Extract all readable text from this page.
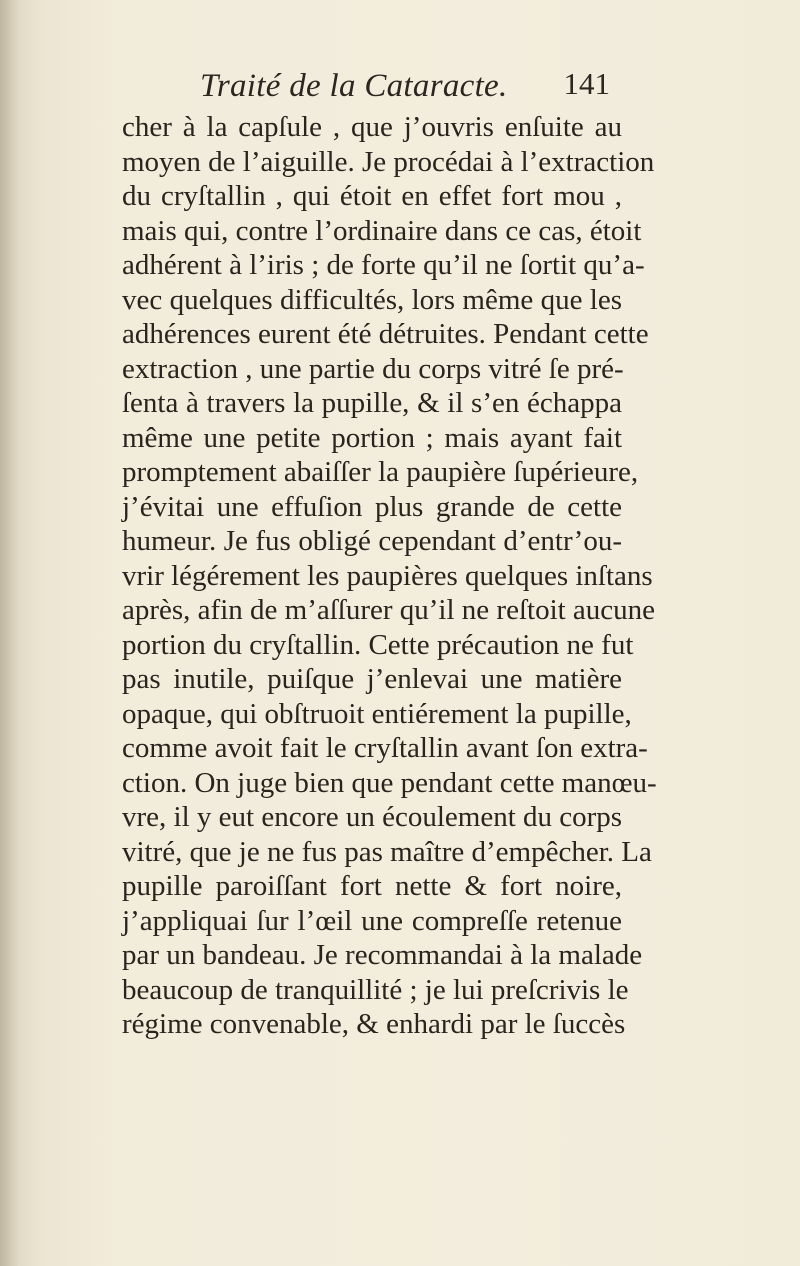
Traité de la Cataracte. 141
cher à la capſule , que j’ouvris enſuite au
moyen de l’aiguille. Je procédai à l’extraction
du cryſtallin , qui étoit en effet fort mou ,
mais qui, contre l’ordinaire dans ce cas, étoit
adhérent à l’iris ; de forte qu’il ne ſortit qu’a-
vec quelques difficultés, lors même que les
adhérences eurent été détruites. Pendant cette
extraction , une partie du corps vitré ſe pré-
ſenta à travers la pupille, & il s’en échappa
même une petite portion ; mais ayant fait
promptement abaiſſer la paupière ſupérieure,
j’évitai une effuſion plus grande de cette
humeur. Je fus obligé cependant d’entr’ou-
vrir légérement les paupières quelques inſtans
après, afin de m’aſſurer qu’il ne reſtoit aucune
portion du cryſtallin. Cette précaution ne fut
pas inutile, puiſque j’enlevai une matière
opaque, qui obſtruoit entiérement la pupille,
comme avoit fait le cryſtallin avant ſon extra-
ction. On juge bien que pendant cette manœu-
vre, il y eut encore un écoulement du corps
vitré, que je ne fus pas maître d’empêcher. La
pupille paroiſſant fort nette & fort noire,
j’appliquai ſur l’œil une compreſſe retenue
par un bandeau. Je recommandai à la malade
beaucoup de tranquillité ; je lui preſcrivis le
régime convenable, & enhardi par le ſuccès
